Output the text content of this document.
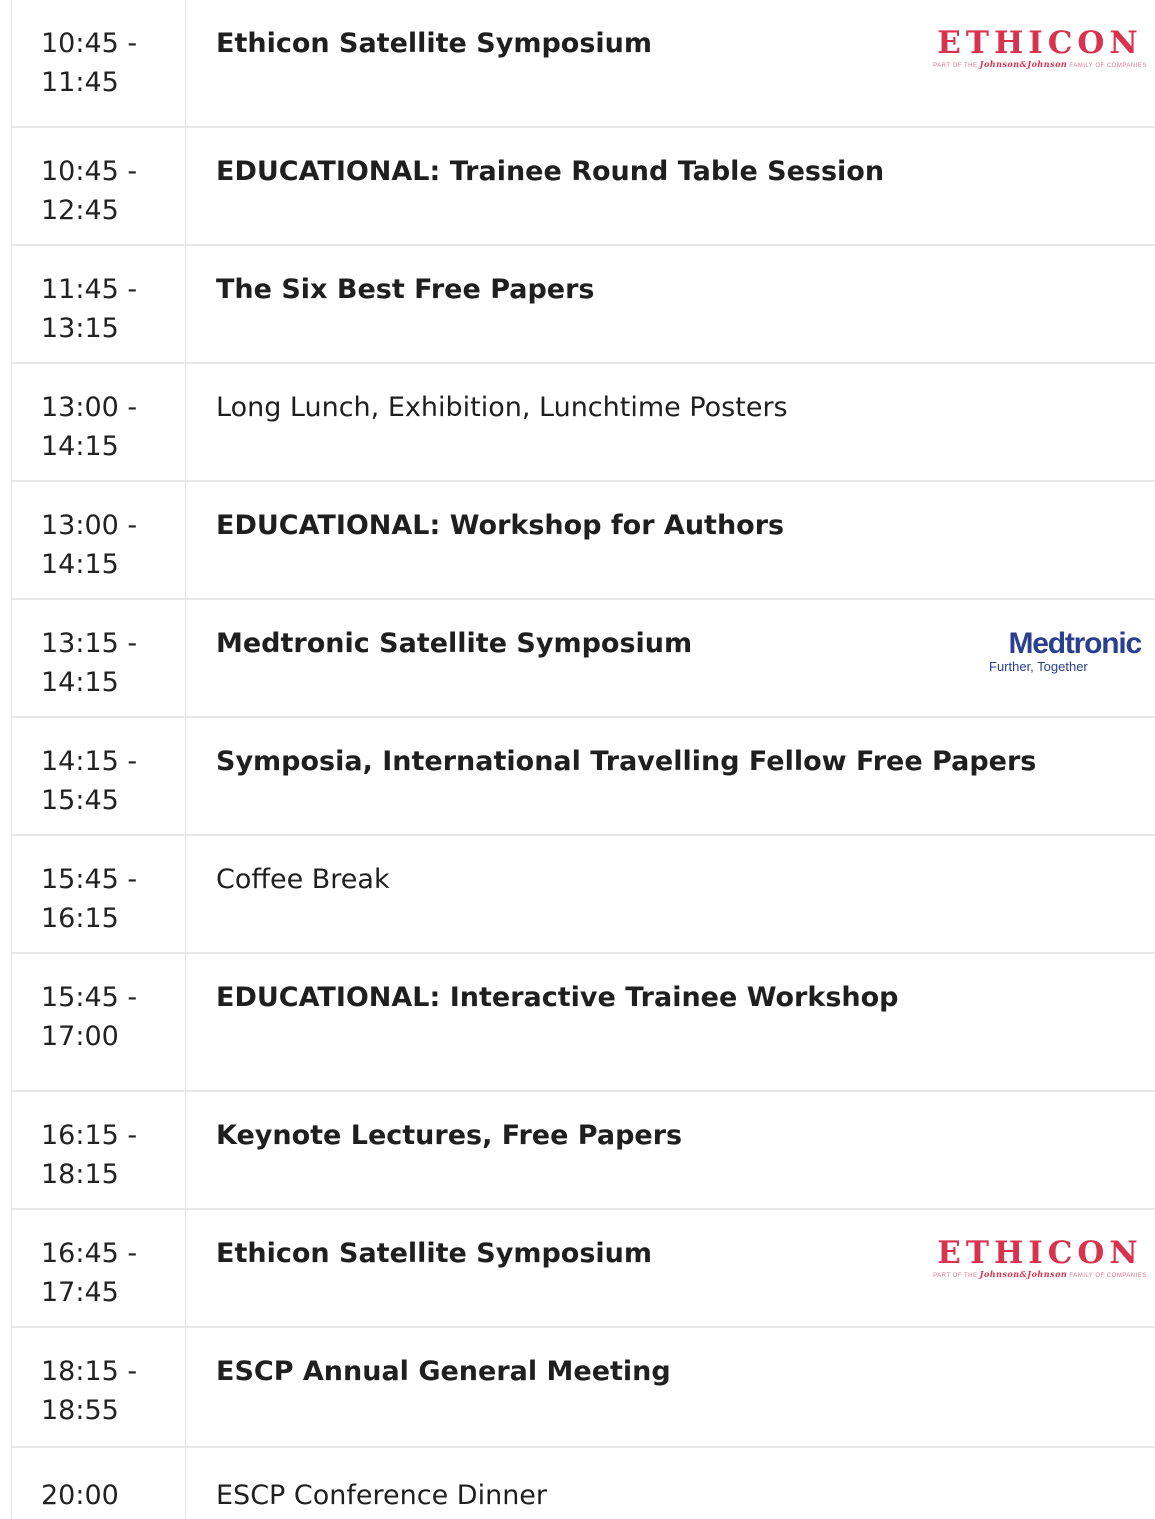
10:45 -
11:45
Ethicon Satellite Symposium	ETHICON
PART OF THE Johnson&Johnson FAMILY OF COMPANIES
10:45 -
12:45
EDUCATIONAL: Trainee Round Table Session
11:45 -
13:15
The Six Best Free Papers
13:00 -
14:15
Long Lunch, Exhibition, Lunchtime Posters
13:00 -
14:15
EDUCATIONAL: Workshop for Authors
13:15 -
14:15
Medtronic Satellite Symposium	Medtronic
Further, Together
14:15 -
15:45
Symposia, International Travelling Fellow Free Papers
15:45 -
16:15
Coffee Break
15:45 -
17:00
EDUCATIONAL: Interactive Trainee Workshop
16:15 -
18:15
Keynote Lectures, Free Papers
16:45 -
17:45
Ethicon Satellite Symposium	ETHICON
PART OF THE Johnson&Johnson FAMILY OF COMPANIES
18:15 -
18:55
ESCP Annual General Meeting
20:00	ESCP Conference Dinner
